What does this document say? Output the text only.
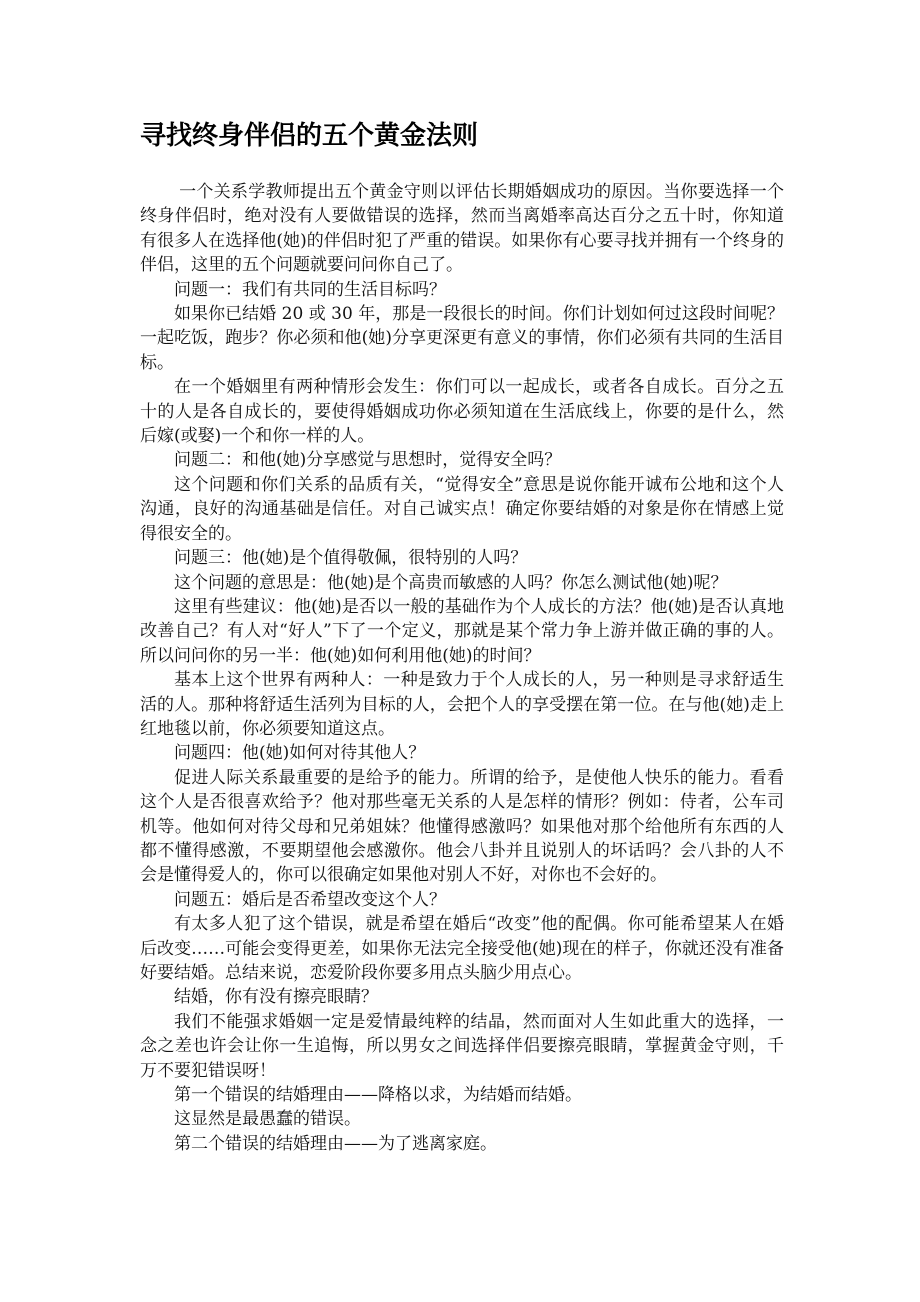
寻找终身伴侣的五个黄金法则

一个关系学教师提出五个黄金守则以评估长期婚姻成功的原因。当你要选择一个终身伴侣时，绝对没有人要做错误的选择，然而当离婚率高达百分之五十时，你知道有很多人在选择他(她)的伴侣时犯了严重的错误。如果你有心要寻找并拥有一个终身的伴侣，这里的五个问题就要问问你自己了。

问题一：我们有共同的生活目标吗？

如果你已结婚 20 或 30 年，那是一段很长的时间。你们计划如何过这段时间呢？一起吃饭，跑步？你必须和他(她)分享更深更有意义的事情，你们必须有共同的生活目标。

在一个婚姻里有两种情形会发生：你们可以一起成长，或者各自成长。百分之五十的人是各自成长的，要使得婚姻成功你必须知道在生活底线上，你要的是什么，然后嫁(或娶)一个和你一样的人。

问题二：和他(她)分享感觉与思想时，觉得安全吗？

这个问题和你们关系的品质有关，“觉得安全”意思是说你能开诚布公地和这个人沟通，良好的沟通基础是信任。对自己诚实点！确定你要结婚的对象是你在情感上觉得很安全的。

问题三：他(她)是个值得敬佩，很特别的人吗？

这个问题的意思是：他(她)是个高贵而敏感的人吗？你怎么测试他(她)呢？

这里有些建议：他(她)是否以一般的基础作为个人成长的方法？他(她)是否认真地改善自己？有人对“好人”下了一个定义，那就是某个常力争上游并做正确的事的人。所以问问你的另一半：他(她)如何利用他(她)的时间？

基本上这个世界有两种人：一种是致力于个人成长的人，另一种则是寻求舒适生活的人。那种将舒适生活列为目标的人，会把个人的享受摆在第一位。在与他(她)走上红地毯以前，你必须要知道这点。

问题四：他(她)如何对待其他人？

促进人际关系最重要的是给予的能力。所谓的给予，是使他人快乐的能力。看看这个人是否很喜欢给予？他对那些毫无关系的人是怎样的情形？例如：侍者，公车司机等。他如何对待父母和兄弟姐妹？他懂得感激吗？如果他对那个给他所有东西的人都不懂得感激，不要期望他会感激你。他会八卦并且说别人的坏话吗？会八卦的人不会是懂得爱人的，你可以很确定如果他对别人不好，对你也不会好的。

问题五：婚后是否希望改变这个人？

有太多人犯了这个错误，就是希望在婚后“改变”他的配偶。你可能希望某人在婚后改变……可能会变得更差，如果你无法完全接受他(她)现在的样子，你就还没有准备好要结婚。总结来说，恋爱阶段你要多用点头脑少用点心。

结婚，你有没有擦亮眼睛？

我们不能强求婚姻一定是爱情最纯粹的结晶，然而面对人生如此重大的选择，一念之差也许会让你一生追悔，所以男女之间选择伴侣要擦亮眼睛，掌握黄金守则，千万不要犯错误呀！

第一个错误的结婚理由——降格以求，为结婚而结婚。

这显然是最愚蠢的错误。

第二个错误的结婚理由——为了逃离家庭。
